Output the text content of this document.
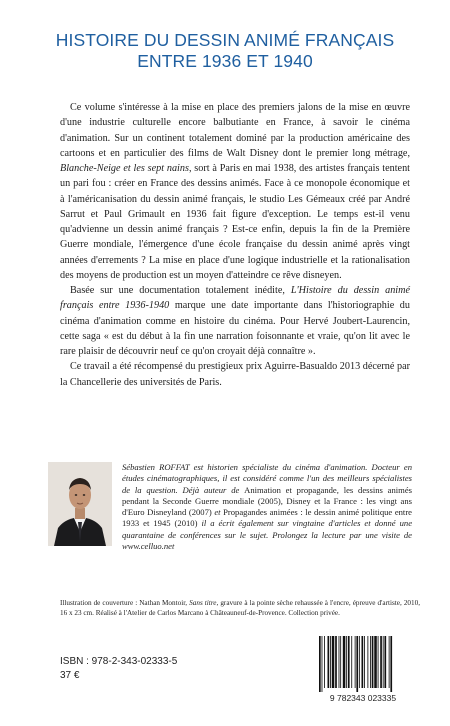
HISTOIRE DU DESSIN ANIMÉ FRANÇAIS
ENTRE 1936 ET 1940

Ce volume s'intéresse à la mise en place des premiers jalons de la mise en œuvre d'une industrie culturelle encore balbutiante en France, à savoir le cinéma d'animation. Sur un continent totalement dominé par la production américaine des cartoons et en particulier des films de Walt Disney dont le premier long métrage, Blanche-Neige et les sept nains, sort à Paris en mai 1938, des artistes français tentent un pari fou : créer en France des dessins animés. Face à ce monopole économique et à l'américanisation du dessin animé français, le studio Les Gémeaux créé par André Sarrut et Paul Grimault en 1936 fait figure d'exception. Le temps est-il venu qu'advienne un dessin animé français ? Est-ce enfin, depuis la fin de la Première Guerre mondiale, l'émergence d'une école française du dessin animé après vingt années d'errements ? La mise en place d'une logique industrielle et la rationalisation des moyens de production est un moyen d'atteindre ce rêve disneyen.

Basée sur une documentation totalement inédite, L'Histoire du dessin animé français entre 1936-1940 marque une date importante dans l'historiographie du cinéma d'animation comme en histoire du cinéma. Pour Hervé Joubert-Laurencin, cette saga « est du début à la fin une narration foisonnante et vraie, qu'on lit avec le rare plaisir de découvrir neuf ce qu'on croyait déjà connaître ».

Ce travail a été récompensé du prestigieux prix Aguirre-Basualdo 2013 décerné par la Chancellerie des universités de Paris.

Sébastien ROFFAT est historien spécialiste du cinéma d'animation. Docteur en études cinématographiques, il est considéré comme l'un des meilleurs spécialistes de la question. Déjà auteur de Animation et propagande, les dessins animés pendant la Seconde Guerre mondiale (2005), Disney et la France : les vingt ans d'Euro Disneyland (2007) et Propagandes animées : le dessin animé politique entre 1933 et 1945 (2010) il a écrit également sur vingtaine d'articles et donné une quarantaine de conférences sur le sujet. Prolongez la lecture par une visite de www.celluo.net
Illustration de couverture : Nathan Montoir, Sans titre, gravure à la pointe sèche rehaussée à l'encre, épreuve d'artiste, 2010, 16 x 23 cm. Réalisé à l'Atelier de Carlos Marcano à Châteauneuf-de-Provence. Collection privée.
ISBN : 978-2-343-02333-5
37 €
9 782343 023335
